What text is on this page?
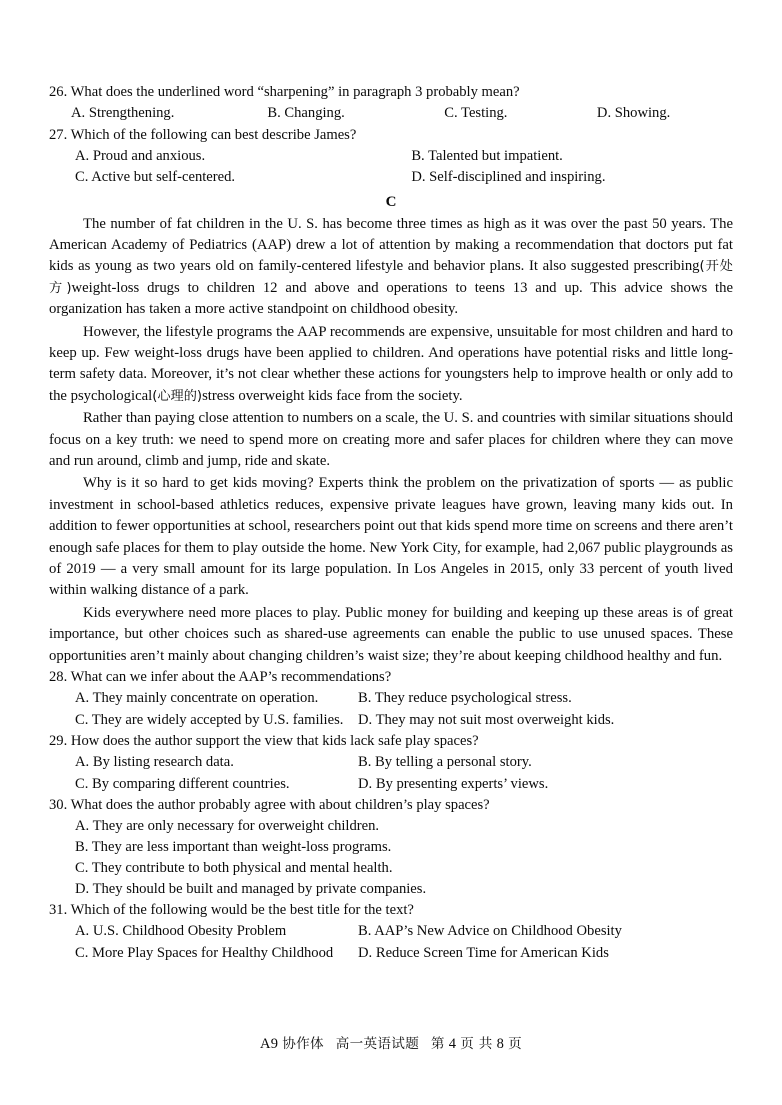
26. What does the underlined word “sharpening” in paragraph 3 probably mean?
A. Strengthening.	B. Changing.	C. Testing.	D. Showing.
27. Which of the following can best describe James?
A. Proud and anxious.	B. Talented but impatient.
C. Active but self-centered.	D. Self-disciplined and inspiring.
C

The number of fat children in the U. S. has become three times as high as it was over the past 50 years. The American Academy of Pediatrics (AAP) drew a lot of attention by making a recommendation that doctors put fat kids as young as two years old on family-centered lifestyle and behavior plans. It also suggested prescribing(开处方)weight-loss drugs to children 12 and above and operations to teens 13 and up. This advice shows the organization has taken a more active standpoint on childhood obesity.

However, the lifestyle programs the AAP recommends are expensive, unsuitable for most children and hard to keep up. Few weight-loss drugs have been applied to children. And operations have potential risks and little long-term safety data. Moreover, it’s not clear whether these actions for youngsters help to improve health or only add to the psychological(心理的)stress overweight kids face from the society.

Rather than paying close attention to numbers on a scale, the U. S. and countries with similar situations should focus on a key truth: we need to spend more on creating more and safer places for children where they can move and run around, climb and jump, ride and skate.

Why is it so hard to get kids moving? Experts think the problem on the privatization of sports — as public investment in school-based athletics reduces, expensive private leagues have grown, leaving many kids out. In addition to fewer opportunities at school, researchers point out that kids spend more time on screens and there aren’t enough safe places for them to play outside the home. New York City, for example, had 2,067 public playgrounds as of 2019 — a very small amount for its large population. In Los Angeles in 2015, only 33 percent of youth lived within walking distance of a park.

Kids everywhere need more places to play. Public money for building and keeping up these areas is of great importance, but other choices such as shared-use agreements can enable the public to use unused spaces. These opportunities aren’t mainly about changing children’s waist size; they’re about keeping childhood healthy and fun.

28. What can we infer about the AAP’s recommendations?
A. They mainly concentrate on operation.	B. They reduce psychological stress.
C. They are widely accepted by U.S. families. D. They may not suit most overweight kids.
29. How does the author support the view that kids lack safe play spaces?
A. By listing research data.	B. By telling a personal story.
C. By comparing different countries.	D. By presenting experts’ views.
30. What does the author probably agree with about children’s play spaces?
A. They are only necessary for overweight children.
B. They are less important than weight-loss programs.
C. They contribute to both physical and mental health.
D. They should be built and managed by private companies.
31. Which of the following would be the best title for the text?
A. U.S. Childhood Obesity Problem	B. AAP’s New Advice on Childhood Obesity
C. More Play Spaces for Healthy Childhood	D. Reduce Screen Time for American Kids
A9 协作体 高一英语试题 第 4 页 共 8 页
